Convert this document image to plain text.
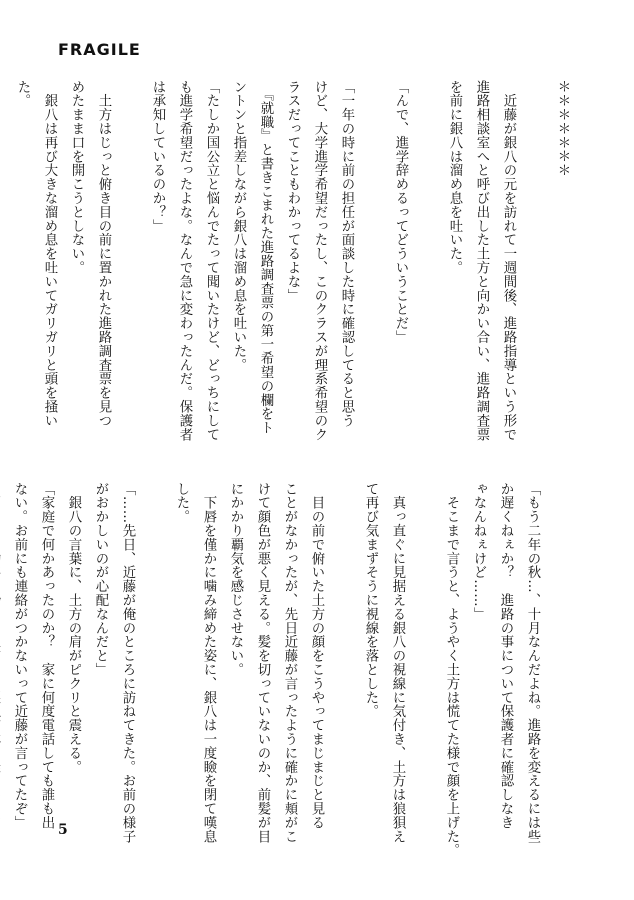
FRAGILE
＊＊＊＊＊＊＊

　近藤が銀八の元を訪れて一週間後、進路指導という形で
進路相談室へと呼び出した土方と向かい合い、進路調査票
を前に銀八は溜め息を吐いた。

「んで、進学辞めるってどういうことだ」

「一年の時に前の担任が面談した時に確認してると思う
けど、大学進学希望だったし、このクラスが理系希望のク
ラスだってこともわかってるよな」
　『就職』と書きこまれた進路調査票の第一希望の欄をト
ントンと指差しながら銀八は溜め息を吐いた。
「たしか国公立と悩んでたって聞いたけど、どっちにして
も進学希望だったよな。なんで急に変わったんだ。保護者
は承知しているのか？」

　土方はじっと俯き目の前に置かれた進路調査票を見つ
めたまま口を開こうとしない。
　銀八は再び大きな溜め息を吐いてガリガリと頭を掻い
た。
「もう二年の秋…、十月なんだよね。進路を変えるには些
か遅くねぇか？　進路の事について保護者に確認しなき
ゃなんねぇけど……」
　そこまで言うと、ようやく土方は慌てた様で顔を上げた。

　真っ直ぐに見据える銀八の視線に気付き、土方は狼狽え
て再び気まずそうに視線を落とした。

　目の前で俯いた土方の顔をこうやってまじまじと見る
ことがなかったが、先日近藤が言ったように確かに頬がこ
けて顔色が悪く見える。髪を切っていないのか、前髪が目
にかかり覇気を感じさせない。
　下唇を僅かに噛み締めた姿に、銀八は一度瞼を閉て嘆息
した。

「……先日、近藤が俺のところに訪ねてきた。お前の様子
がおかしいのが心配なんだと」
　銀八の言葉に、土方の肩がピクリと震える。
「家庭で何かあったのか？　家に何度電話しても誰も出
ない。お前にも連絡がつかないって近藤が言ってたぞ」
5
